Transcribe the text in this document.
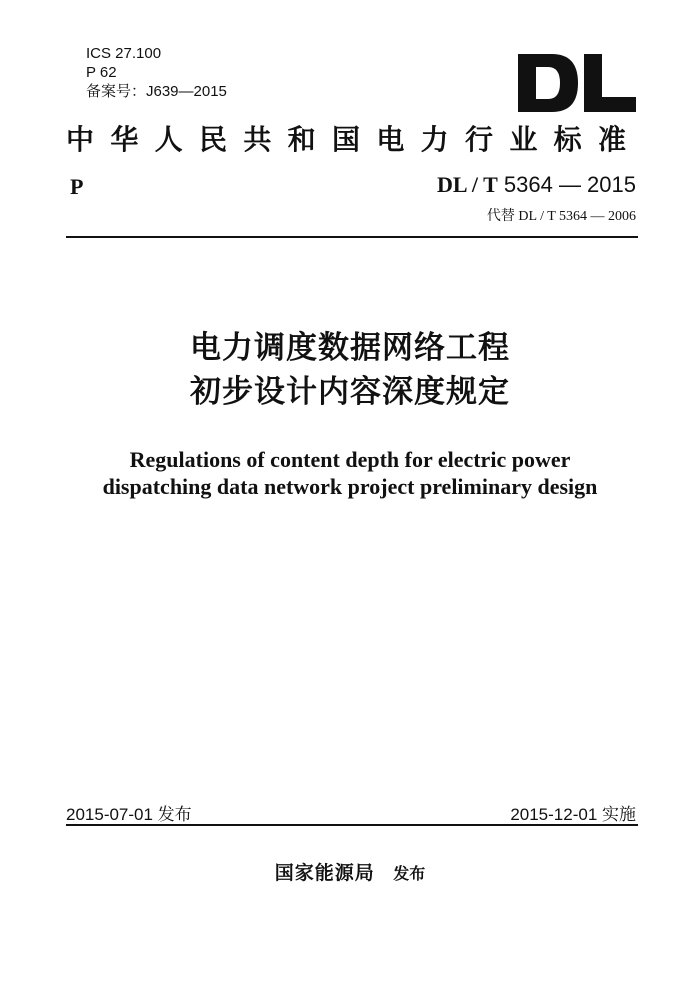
ICS 27.100
P 62
备案号：J639—2015
中华人民共和国电力行业标准
P	DL / T 5364 — 2015
代替 DL / T 5364 — 2006
电力调度数据网络工程
初步设计内容深度规定
Regulations of content depth for electric power
dispatching data network project preliminary design
2015-07-01 发布	2015-12-01 实施
国家能源局 发布
